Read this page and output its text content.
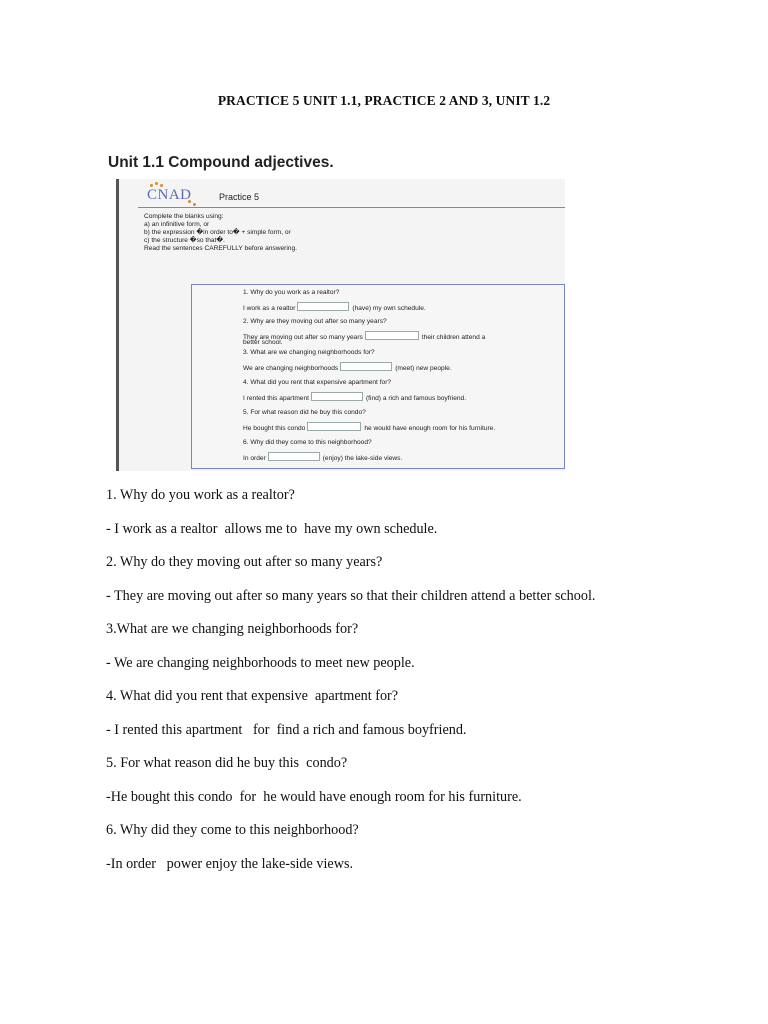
PRACTICE 5 UNIT 1.1, PRACTICE 2 AND 3, UNIT 1.2
Unit 1.1 Compound adjectives.
CNAD	Practice 5
Complete the blanks using:
a) an infinitive form, or
b) the expression �in order to� + simple form, or
c) the structure �so that�.
Read the sentences CAREFULLY before answering.
1. Why do you work as a realtor?
I work as a realtor	(have) my own schedule.
2. Why are they moving out after so many years?
They are moving out after so many years	their children attend a
better school.
3. What are we changing neighborhoods for?
We are changing neighborhoods	(meet) new people.
4. What did you rent that expensive apartment for?
I rented this apartment	(find) a rich and famous boyfriend.
5. For what reason did he buy this condo?
He bought this condo	he would have enough room for his furniture.
6. Why did they come to this neighborhood?
In order	(enjoy) the lake-side views.

1. Why do you work as a realtor?

- I work as a realtor  allows me to  have my own schedule.

2. Why do they moving out after so many years?

- They are moving out after so many years so that their children attend a better school.

3.What are we changing neighborhoods for?

- We are changing neighborhoods to meet new people.

4. What did you rent that expensive  apartment for?

- I rented this apartment   for  find a rich and famous boyfriend.

5. For what reason did he buy this  condo?

-He bought this condo  for  he would have enough room for his furniture.

6. Why did they come to this neighborhood?

-In order   power enjoy the lake-side views.
